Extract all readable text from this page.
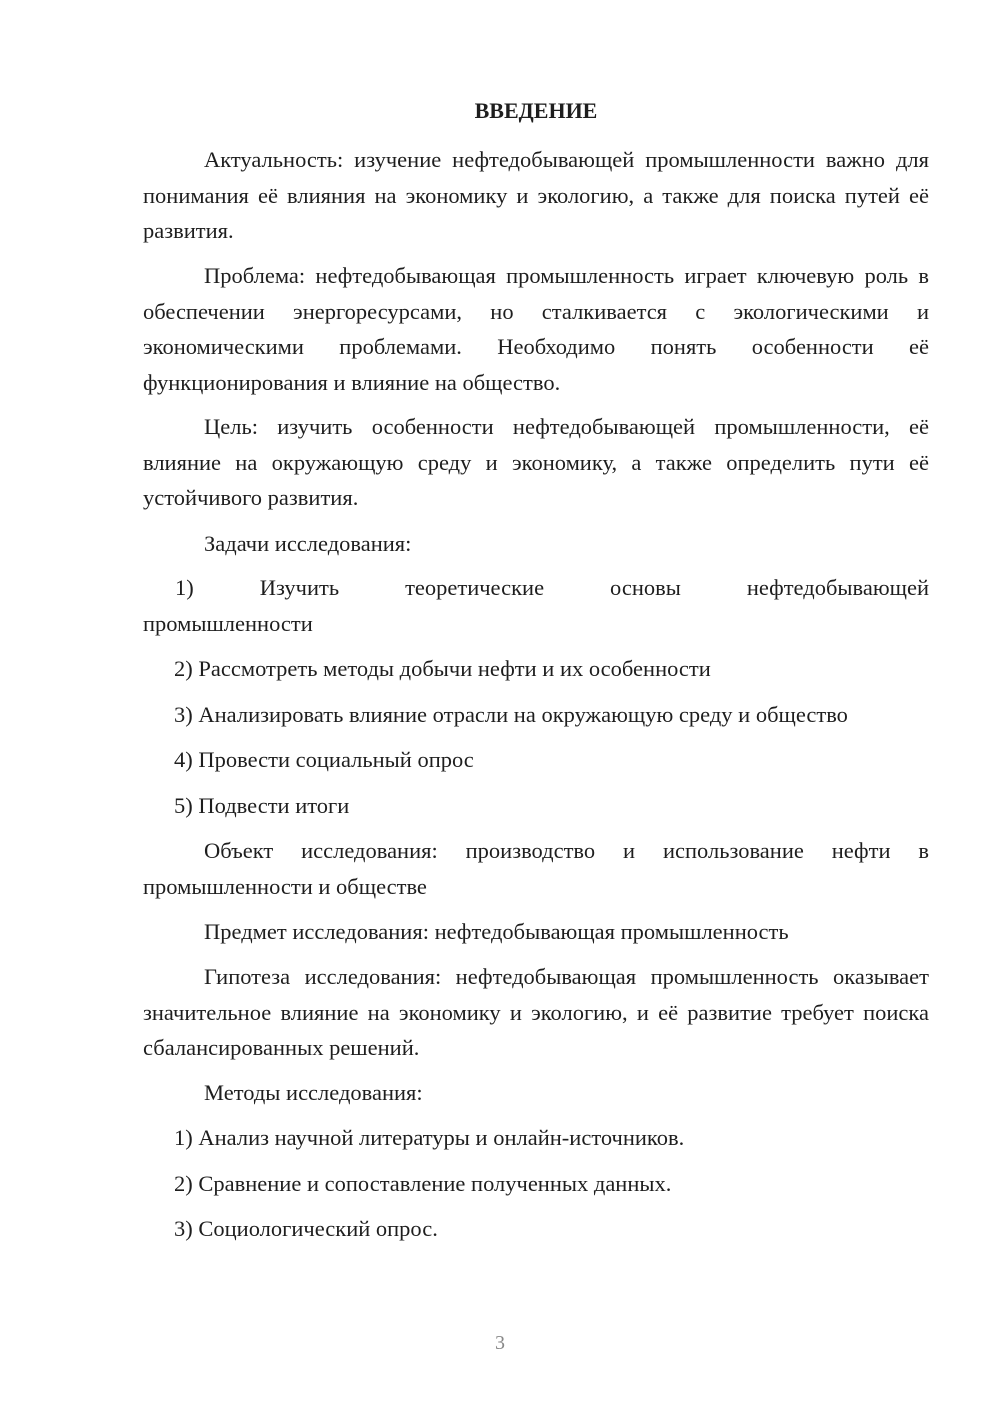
ВВЕДЕНИЕ

Актуальность: изучение нефтедобывающей промышленности важно для понимания её влияния на экономику и экологию, а также для поиска путей её развития.

Проблема: нефтедобывающая промышленность играет ключевую роль в обеспечении энергоресурсами, но сталкивается с экологическими и экономическими проблемами. Необходимо понять особенности её функционирования и влияние на общество.

Цель: изучить особенности нефтедобывающей промышленности, её влияние на окружающую среду и экономику, а также определить пути её устойчивого развития.

Задачи исследования:

1)	Изучить	теоретические	основы	нефтедобывающей
промышленности

2) Рассмотреть методы добычи нефти и их особенности

3) Анализировать влияние отрасли на окружающую среду и общество

4) Провести социальный опрос

5) Подвести итоги

Объект исследования: производство и использование нефти в промышленности и обществе

Предмет исследования: нефтедобывающая промышленность

Гипотеза исследования: нефтедобывающая промышленность оказывает значительное влияние на экономику и экологию, и её развитие требует поиска сбалансированных решений.

Методы исследования:

1) Анализ научной литературы и онлайн-источников.

2) Сравнение и сопоставление полученных данных.

3) Социологический опрос.

3
